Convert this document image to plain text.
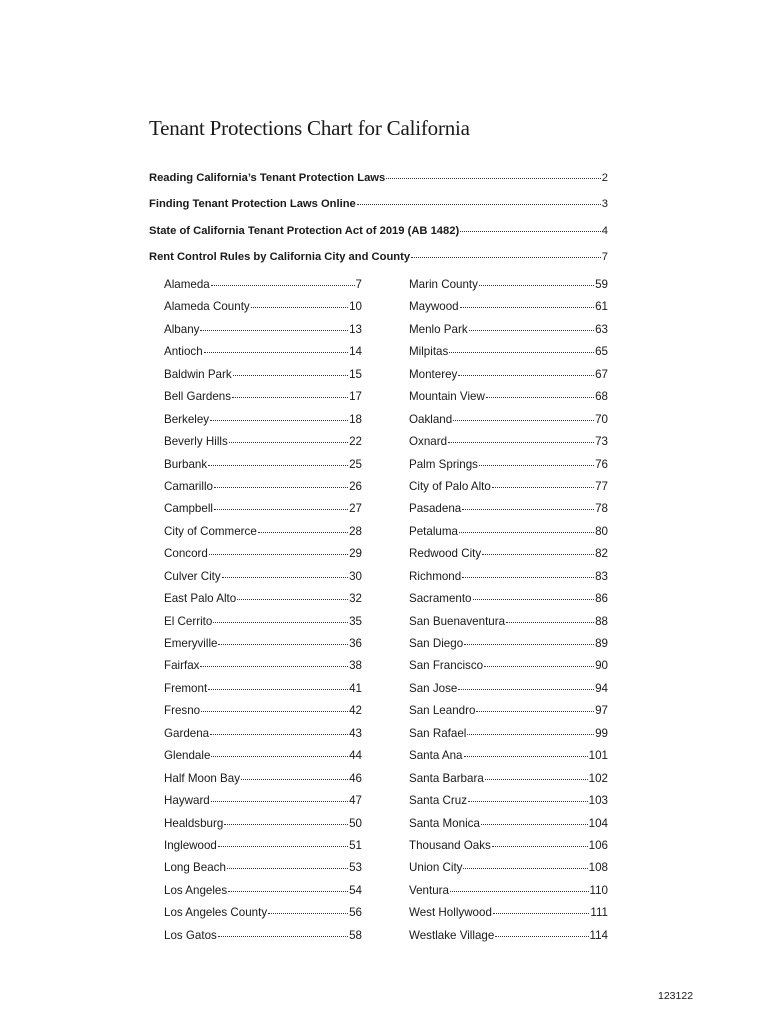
Tenant Protections Chart for California
Reading California’s Tenant Protection Laws	2
Finding Tenant Protection Laws Online	3
State of California Tenant Protection Act of 2019 (AB 1482)	4
Rent Control Rules by California City and County	7
Alameda	7
Alameda County	10
Albany	13
Antioch	14
Baldwin Park	15
Bell Gardens	17
Berkeley	18
Beverly Hills	22
Burbank	25
Camarillo	26
Campbell	27
City of Commerce	28
Concord	29
Culver City	30
East Palo Alto	32
El Cerrito	35
Emeryville	36
Fairfax	38
Fremont	41
Fresno	42
Gardena	43
Glendale	44
Half Moon Bay	46
Hayward	47
Healdsburg	50
Inglewood	51
Long Beach	53
Los Angeles	54
Los Angeles County	56
Los Gatos	58
Marin County	59
Maywood	61
Menlo Park	63
Milpitas	65
Monterey	67
Mountain View	68
Oakland	70
Oxnard	73
Palm Springs	76
City of Palo Alto	77
Pasadena	78
Petaluma	80
Redwood City	82
Richmond	83
Sacramento	86
San Buenaventura	88
San Diego	89
San Francisco	90
San Jose	94
San Leandro	97
San Rafael	99
Santa Ana	101
Santa Barbara	102
Santa Cruz	103
Santa Monica	104
Thousand Oaks	106
Union City	108
Ventura	110
West Hollywood	111
Westlake Village	114
123122
